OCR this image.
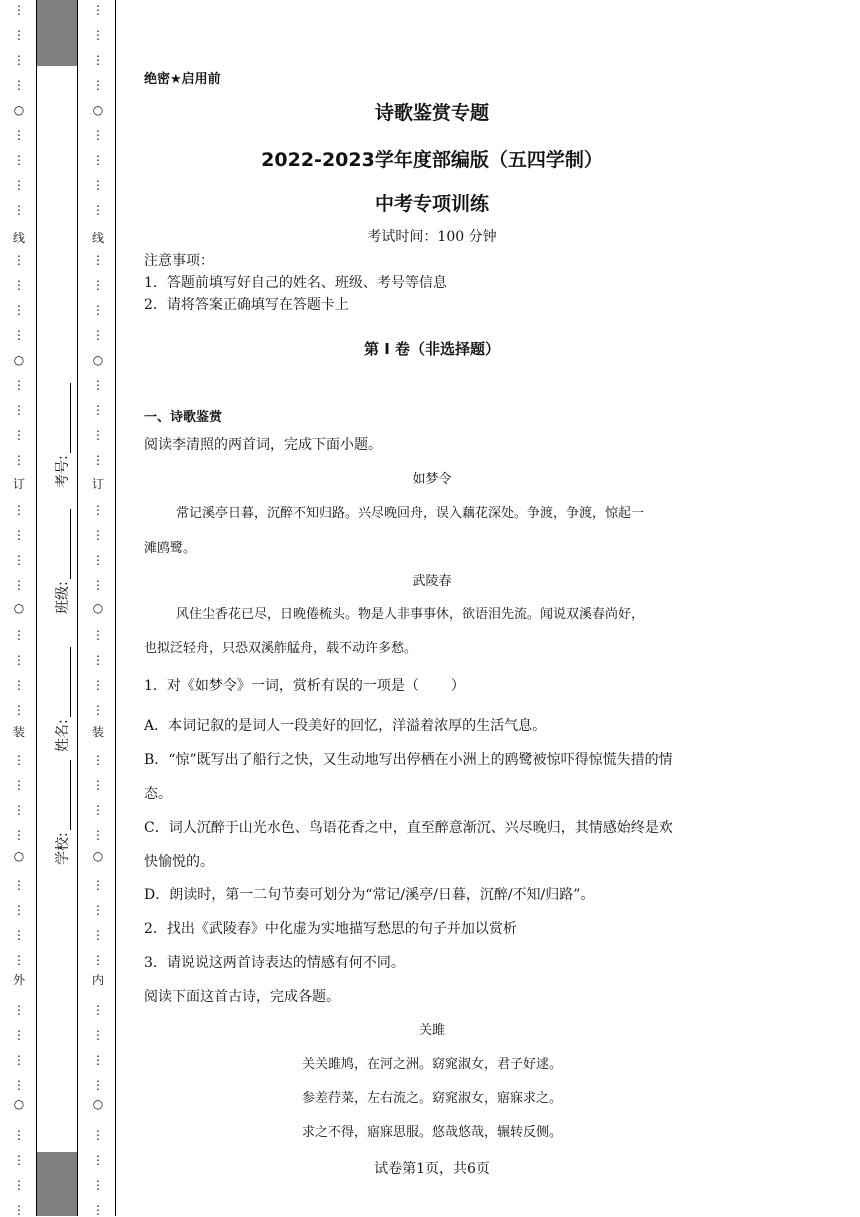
⋮
⋮
⋮
⋮
⋮
⋮
⋮
⋮
⋮
⋮
⋮
⋮
⋮
⋮
⋮
⋮
⋮
⋮
⋮
⋮
⋮
⋮
⋮
⋮
⋮
⋮
⋮
⋮
⋮
⋮
⋮
⋮
⋮
⋮
⋮
⋮
⋮
⋮
⋮
⋮
○
○
○
○
○
线
订
装
外
⋮
⋮
⋮
⋮
⋮
⋮
⋮
⋮
⋮
⋮
⋮
⋮
⋮
⋮
⋮
⋮
⋮
⋮
⋮
⋮
⋮
⋮
⋮
⋮
⋮
⋮
⋮
⋮
⋮
⋮
⋮
⋮
⋮
⋮
⋮
⋮
⋮
⋮
⋮
⋮
○
○
○
○
○
线
订
装
内
学校:
姓名:
班级:
考号:
绝密★启用前
诗歌鉴赏专题
2022-2023学年度部编版（五四学制）
中考专项训练
考试时间：100 分钟
注意事项：
1．答题前填写好自己的姓名、班级、考号等信息
2．请将答案正确填写在答题卡上
第 I 卷（非选择题）
一、诗歌鉴赏
阅读李清照的两首词，完成下面小题。
如梦令
常记溪亭日暮，沉醉不知归路。兴尽晚回舟，误入藕花深处。争渡，争渡，惊起一
滩鸥鹭。
武陵春
风住尘香花已尽，日晚倦梳头。物是人非事事休，欲语泪先流。闻说双溪春尚好，
也拟泛轻舟，只恐双溪舴艋舟，载不动许多愁。
1．对《如梦令》一词，赏析有误的一项是（ ）
A．本词记叙的是词人一段美好的回忆，洋溢着浓厚的生活气息。
B．“惊”既写出了船行之快，又生动地写出停栖在小洲上的鸥鹭被惊吓得惊慌失措的情
态。
C．词人沉醉于山光水色、鸟语花香之中，直至醉意渐沉、兴尽晚归，其情感始终是欢
快愉悦的。
D．朗读时，第一二句节奏可划分为“常记/溪亭/日暮，沉醉/不知/归路”。
2．找出《武陵春》中化虚为实地描写愁思的句子并加以赏析
3．请说说这两首诗表达的情感有何不同。
阅读下面这首古诗，完成各题。
关雎
关关雎鸠，在河之洲。窈窕淑女，君子好逑。
参差荇菜，左右流之。窈窕淑女，寤寐求之。
求之不得，寤寐思服。悠哉悠哉，辗转反侧。
试卷第1页，共6页
